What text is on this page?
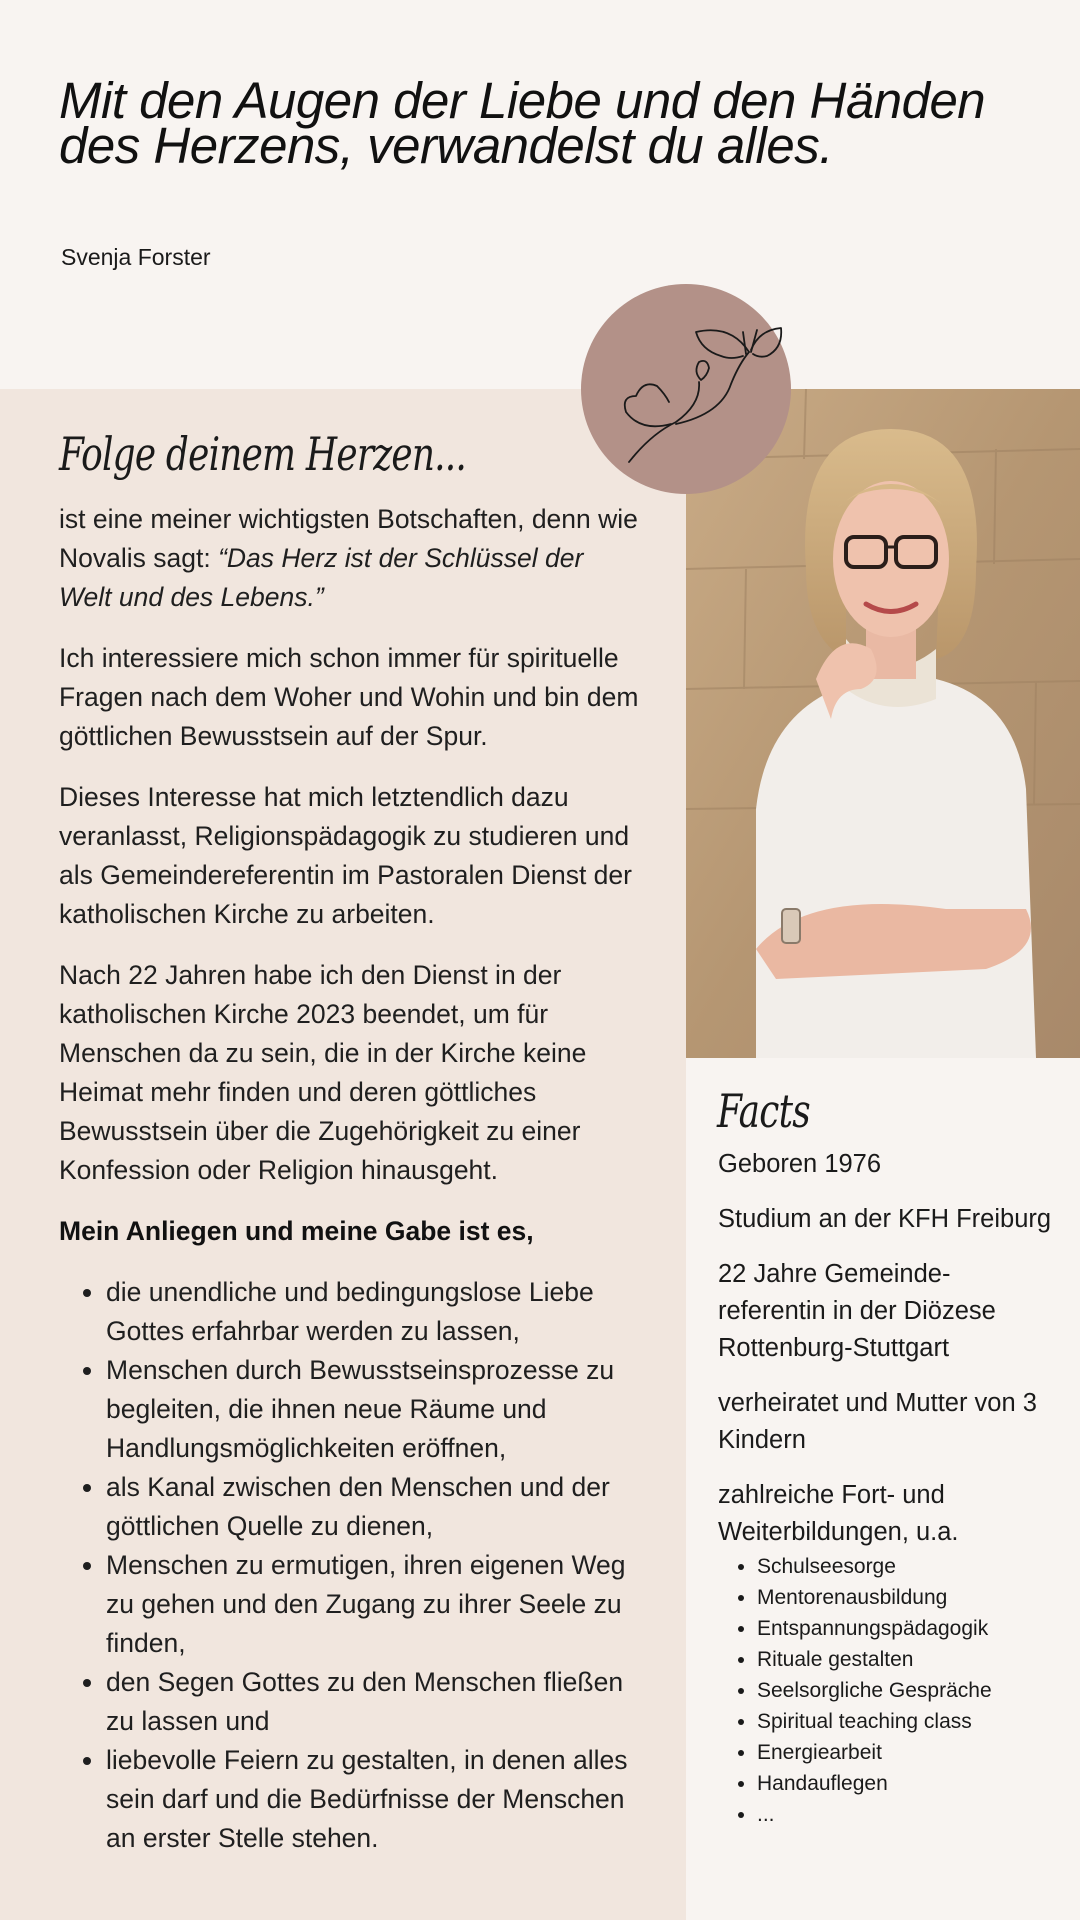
Mit den Augen der Liebe und den Händen des Herzens, verwandelst du alles.
Svenja Forster
Folge deinem Herzen...

ist eine meiner wichtigsten Botschaften, denn wie Novalis sagt: “Das Herz ist der Schlüssel der Welt und des Lebens.”

Ich interessiere mich schon immer für spirituelle Fragen nach dem Woher und Wohin und bin dem göttlichen Bewusstsein auf der Spur.

Dieses Interesse hat mich letztendlich dazu veranlasst, Religionspädagogik zu studieren und als Gemeindereferentin im Pastoralen Dienst der katholischen Kirche zu arbeiten.

Nach 22 Jahren habe ich den Dienst in der katholischen Kirche 2023 beendet, um für Menschen da zu sein, die in der Kirche keine Heimat mehr finden und deren göttliches Bewusstsein über die Zugehörigkeit zu einer Konfession oder Religion hinausgeht.

Mein Anliegen und meine Gabe ist es,

• die unendliche und bedingungslose Liebe Gottes erfahrbar werden zu lassen,
• Menschen durch Bewusstseinsprozesse zu begleiten, die ihnen neue Räume und Handlungsmöglichkeiten eröffnen,
• als Kanal zwischen den Menschen und der göttlichen Quelle zu dienen,
• Menschen zu ermutigen, ihren eigenen Weg zu gehen und den Zugang zu ihrer Seele zu finden,
• den Segen Gottes zu den Menschen fließen zu lassen und
• liebevolle Feiern zu gestalten, in denen alles sein darf und die Bedürfnisse der Menschen an erster Stelle stehen.
Facts

Geboren 1976

Studium an der KFH Freiburg

22 Jahre Gemeinde-referentin in der Diözese Rottenburg-Stuttgart

verheiratet und Mutter von 3 Kindern

zahlreiche Fort- und Weiterbildungen, u.a.

• Schulseesorge
• Mentorenausbildung
• Entspannungspädagogik
• Rituale gestalten
• Seelsorgliche Gespräche
• Spiritual teaching class
• Energiearbeit
• Handauflegen
• ...
